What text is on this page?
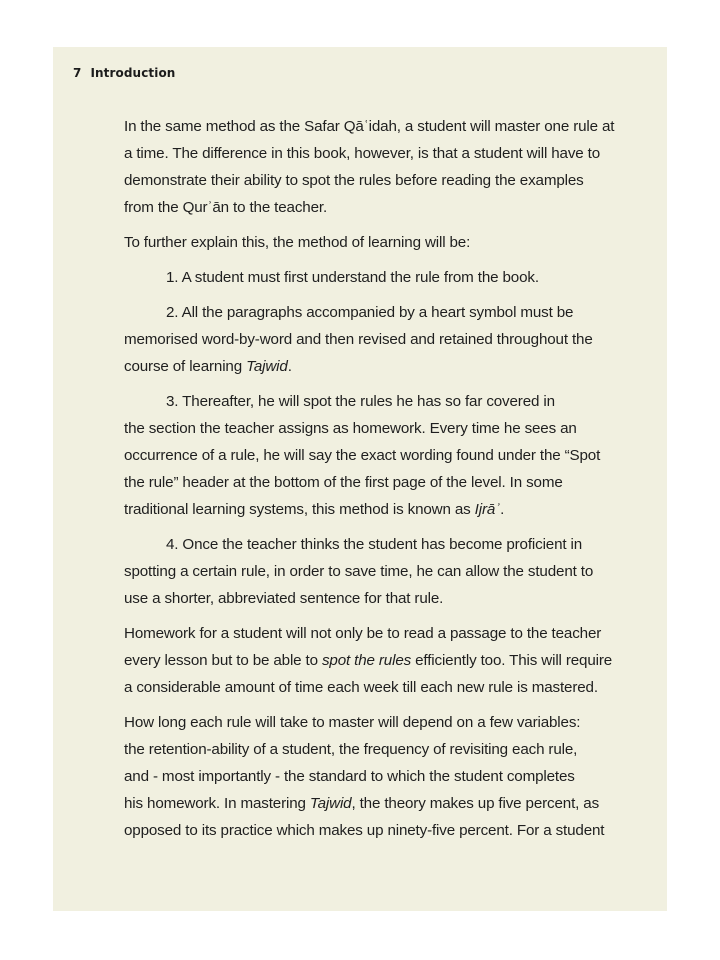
7 Introduction
In the same method as the Safar Qāʿidah, a student will master one rule at
a time. The difference in this book, however, is that a student will have to
demonstrate their ability to spot the rules before reading the examples
from the Qurʾān to the teacher.
To further explain this, the method of learning will be:
1. A student must first understand the rule from the book.
2. All the paragraphs accompanied by a heart symbol must be
memorised word-by-word and then revised and retained throughout the
course of learning Tajwid.
3. Thereafter, he will spot the rules he has so far covered in
the section the teacher assigns as homework. Every time he sees an
occurrence of a rule, he will say the exact wording found under the “Spot
the rule” header at the bottom of the first page of the level. In some
traditional learning systems, this method is known as Ijrāʾ.
4. Once the teacher thinks the student has become proficient in
spotting a certain rule, in order to save time, he can allow the student to
use a shorter, abbreviated sentence for that rule.
Homework for a student will not only be to read a passage to the teacher
every lesson but to be able to spot the rules efficiently too. This will require
a considerable amount of time each week till each new rule is mastered.
How long each rule will take to master will depend on a few variables:
the retention-ability of a student, the frequency of revisiting each rule,
and - most importantly - the standard to which the student completes
his homework. In mastering Tajwid, the theory makes up five percent, as
opposed to its practice which makes up ninety-five percent. For a student
